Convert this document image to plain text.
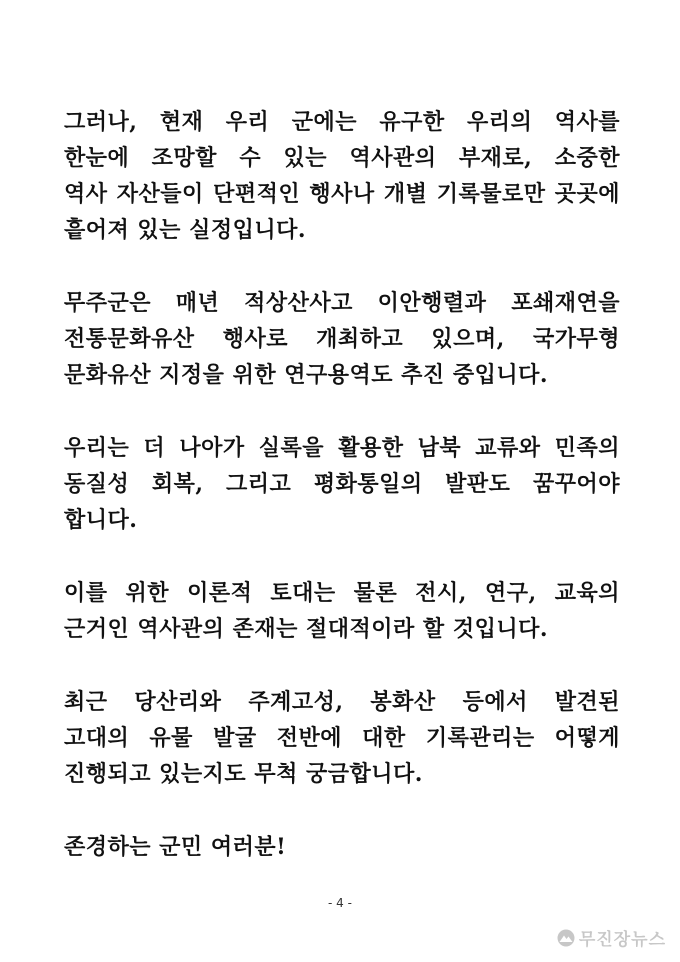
그러나, 현재 우리 군에는 유구한 우리의 역사를
한눈에 조망할 수 있는 역사관의 부재로, 소중한
역사 자산들이 단편적인 행사나 개별 기록물로만 곳곳에
흩어져 있는 실정입니다.

무주군은 매년 적상산사고 이안행렬과 포쇄재연을
전통문화유산 행사로 개최하고 있으며, 국가무형
문화유산 지정을 위한 연구용역도 추진 중입니다.

우리는 더 나아가 실록을 활용한 남북 교류와 민족의
동질성 회복, 그리고 평화통일의 발판도 꿈꾸어야
합니다.

이를 위한 이론적 토대는 물론 전시, 연구, 교육의
근거인 역사관의 존재는 절대적이라 할 것입니다.

최근 당산리와 주계고성, 봉화산 등에서 발견된
고대의 유물 발굴 전반에 대한 기록관리는 어떻게
진행되고 있는지도 무척 궁금합니다.

존경하는 군민 여러분!

- 4 -
무진장뉴스
